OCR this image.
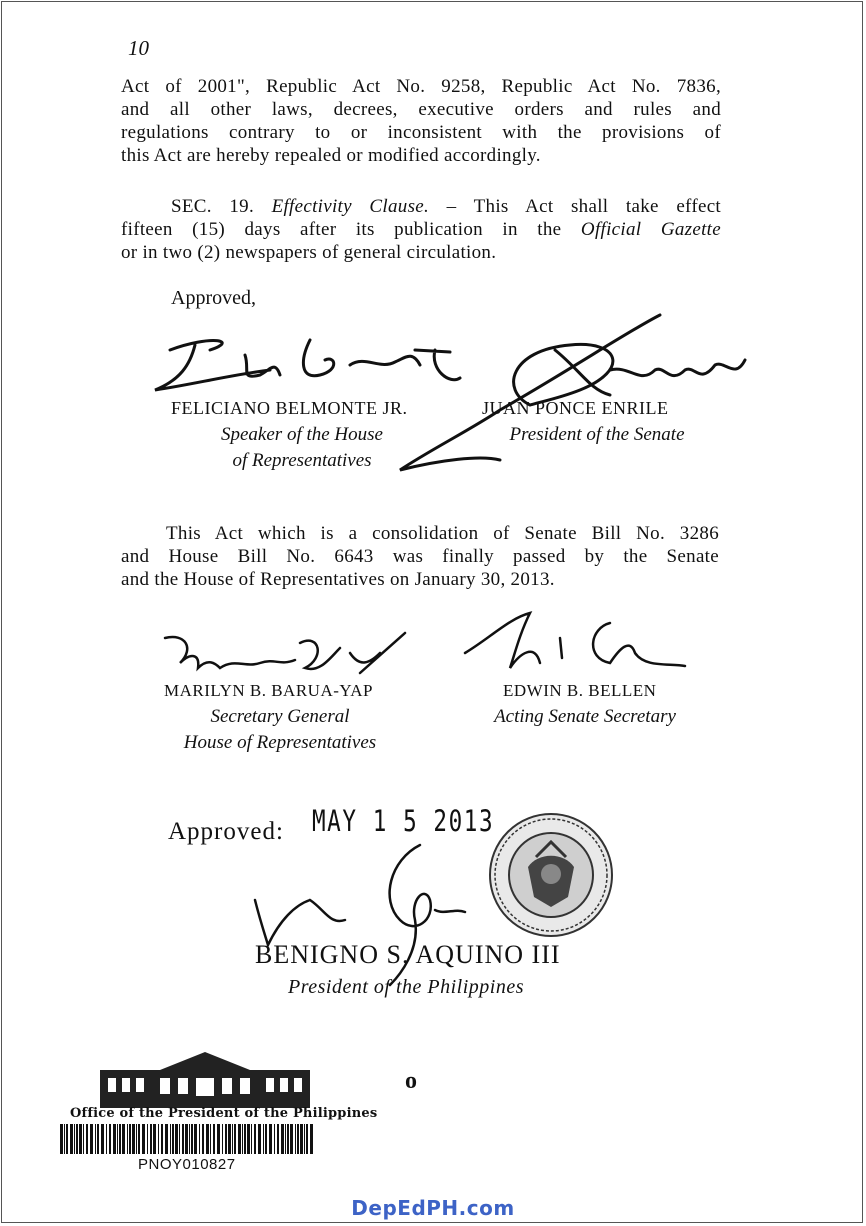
10
Act of 2001", Republic Act No. 9258, Republic Act No. 7836,
and all other laws, decrees, executive orders and rules and
regulations contrary to or inconsistent with the provisions of
this Act are hereby repealed or modified accordingly.
SEC. 19. Effectivity Clause. – This Act shall take effect
fifteen (15) days after its publication in the Official Gazette
or in two (2) newspapers of general circulation.
Approved,
FELICIANO BELMONTE JR.
Speaker of the House
of Representatives
JUAN PONCE ENRILE
President of the Senate
This Act which is a consolidation of Senate Bill No. 3286
and House Bill No. 6643 was finally passed by the Senate
and the House of Representatives on January 30, 2013.
MARILYN B. BARUA-YAP
Secretary General
House of Representatives
EDWIN B. BELLEN
Acting Senate Secretary
Approved: MAY 1 5 2013
BENIGNO S. AQUINO III
President of the Philippines
o
Office of the President of the Philippines
PNOY010827
DepEdPH.com
